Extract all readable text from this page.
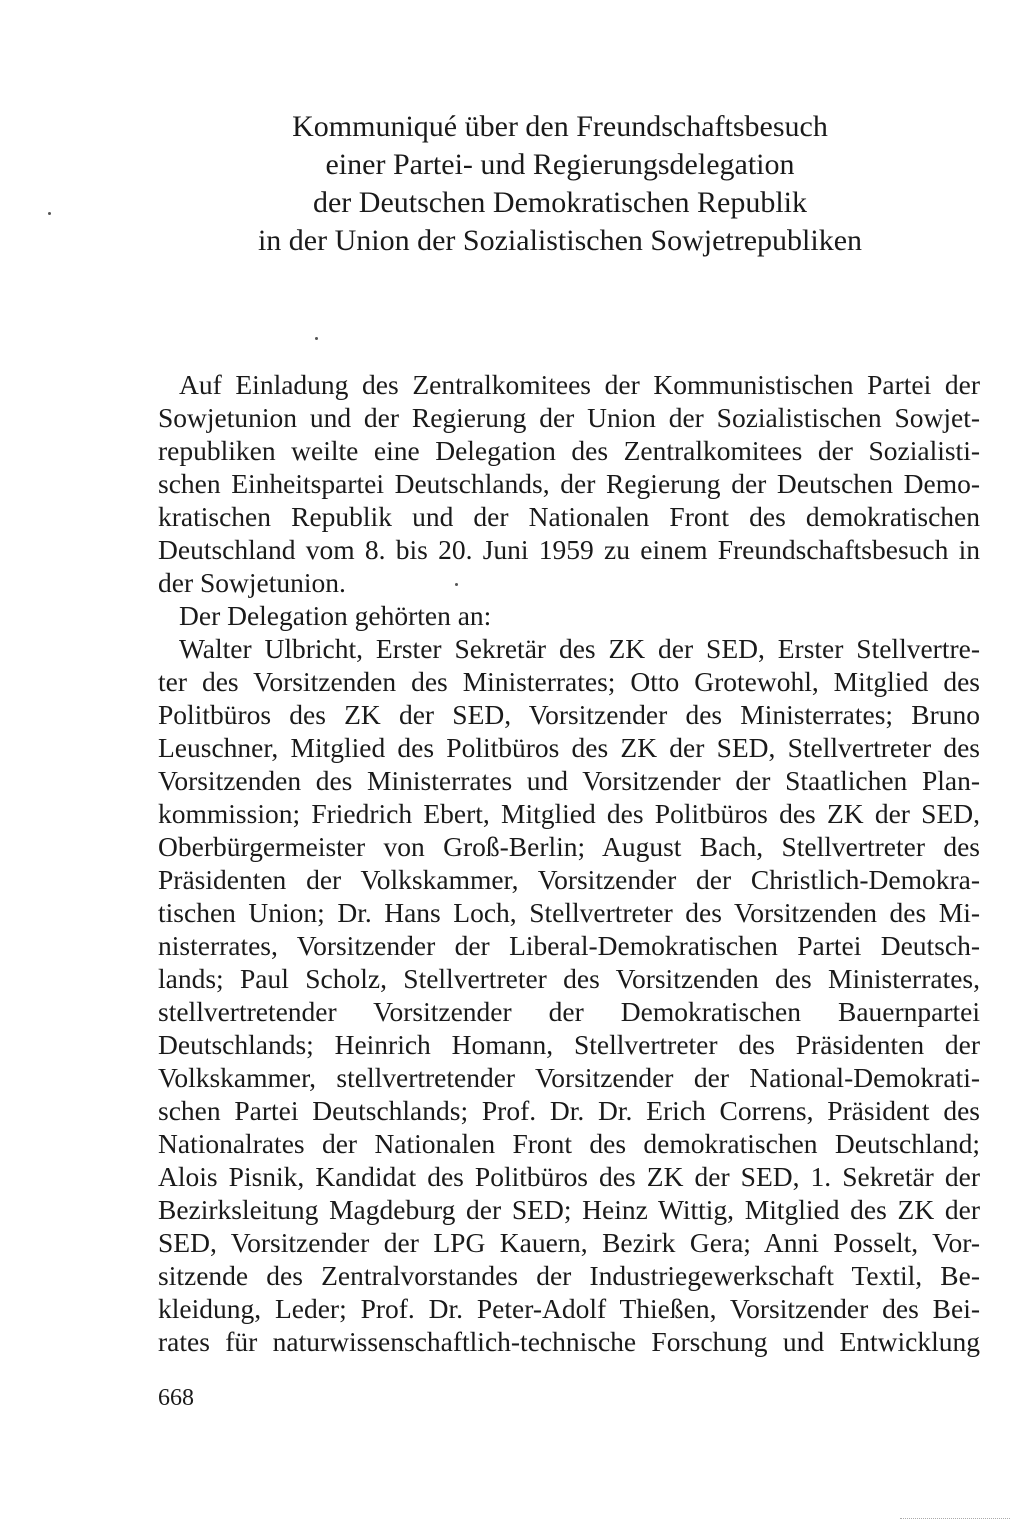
Kommuniqué über den Freundschaftsbesuch
einer Partei- und Regierungsdelegation
der Deutschen Demokratischen Republik
in der Union der Sozialistischen Sowjetrepubliken
Auf Einladung des Zentralkomitees der Kommunistischen Partei der
Sowjetunion und der Regierung der Union der Sozialistischen Sowjet-
republiken weilte eine Delegation des Zentralkomitees der Sozialisti-
schen Einheitspartei Deutschlands, der Regierung der Deutschen Demo-
kratischen Republik und der Nationalen Front des demokratischen
Deutschland vom 8. bis 20. Juni 1959 zu einem Freundschaftsbesuch in
der Sowjetunion.
Der Delegation gehörten an:
Walter Ulbricht, Erster Sekretär des ZK der SED, Erster Stellvertre-
ter des Vorsitzenden des Ministerrates; Otto Grotewohl, Mitglied des
Politbüros des ZK der SED, Vorsitzender des Ministerrates; Bruno
Leuschner, Mitglied des Politbüros des ZK der SED, Stellvertreter des
Vorsitzenden des Ministerrates und Vorsitzender der Staatlichen Plan-
kommission; Friedrich Ebert, Mitglied des Politbüros des ZK der SED,
Oberbürgermeister von Groß-Berlin; August Bach, Stellvertreter des
Präsidenten der Volkskammer, Vorsitzender der Christlich-Demokra-
tischen Union; Dr. Hans Loch, Stellvertreter des Vorsitzenden des Mi-
nisterrates, Vorsitzender der Liberal-Demokratischen Partei Deutsch-
lands; Paul Scholz, Stellvertreter des Vorsitzenden des Ministerrates,
stellvertretender Vorsitzender der Demokratischen Bauernpartei
Deutschlands; Heinrich Homann, Stellvertreter des Präsidenten der
Volkskammer, stellvertretender Vorsitzender der National-Demokrati-
schen Partei Deutschlands; Prof. Dr. Dr. Erich Correns, Präsident des
Nationalrates der Nationalen Front des demokratischen Deutschland;
Alois Pisnik, Kandidat des Politbüros des ZK der SED, 1. Sekretär der
Bezirksleitung Magdeburg der SED; Heinz Wittig, Mitglied des ZK der
SED, Vorsitzender der LPG Kauern, Bezirk Gera; Anni Posselt, Vor-
sitzende des Zentralvorstandes der Industriegewerkschaft Textil, Be-
kleidung, Leder; Prof. Dr. Peter-Adolf Thießen, Vorsitzender des Bei-
rates für naturwissenschaftlich-technische Forschung und Entwicklung
668
